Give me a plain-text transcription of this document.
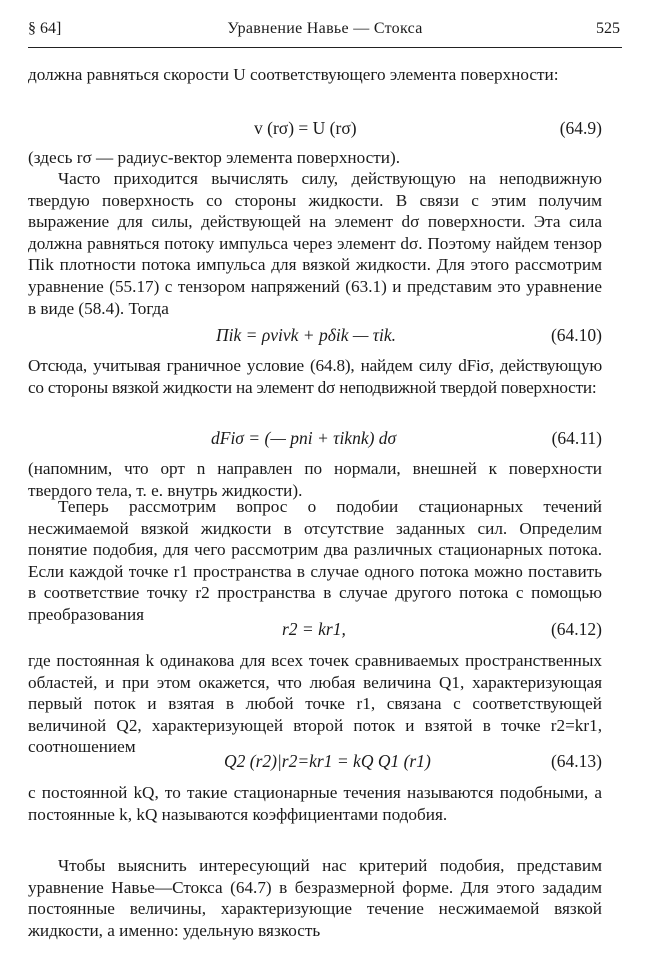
§ 64]	Уравнение Навье — Стокса	525

должна равняться скорости U соответствующего элемента поверхности:

v (rσ) = U (rσ)	(64.9)

(здесь rσ — радиус-вектор элемента поверхности).

Часто приходится вычислять силу, действующую на неподвижную твердую поверхность со стороны жидкости. В связи с этим получим выражение для силы, действующей на элемент dσ поверхности. Эта сила должна равняться потоку импульса через элемент dσ. Поэтому найдем тензор Πik плотности потока импульса для вязкой жидкости. Для этого рассмотрим уравнение (55.17) с тензором напряжений (63.1) и представим это уравнение в виде (58.4). Тогда

Πik = ρvivk + pδik — τik.	(64.10)

Отсюда, учитывая граничное условие (64.8), найдем силу dFiσ, действующую со стороны вязкой жидкости на элемент dσ неподвижной твердой поверхности:

dFiσ = (— pni + τiknk) dσ	(64.11)

(напомним, что орт n направлен по нормали, внешней к поверхности твердого тела, т. е. внутрь жидкости).

Теперь рассмотрим вопрос о подобии стационарных течений несжимаемой вязкой жидкости в отсутствие заданных сил. Определим понятие подобия, для чего рассмотрим два различных стационарных потока. Если каждой точке r1 пространства в случае одного потока можно поставить в соответствие точку r2 пространства в случае другого потока с помощью преобразования

r2 = kr1,	(64.12)

где постоянная k одинакова для всех точек сравниваемых пространственных областей, и при этом окажется, что любая величина Q1, характеризующая первый поток и взятая в любой точке r1, связана с соответствующей величиной Q2, характеризующей второй поток и взятой в точке r2=kr1, соотношением

Q2 (r2)|r2=kr1 = kQ Q1 (r1)	(64.13)

с постоянной kQ, то такие стационарные течения называются подобными, а постоянные k, kQ называются коэффициентами подобия.

Чтобы выяснить интересующий нас критерий подобия, представим уравнение Навье—Стокса (64.7) в безразмерной форме. Для этого зададим постоянные величины, характеризующие течение несжимаемой вязкой жидкости, а именно: удельную вязкость
